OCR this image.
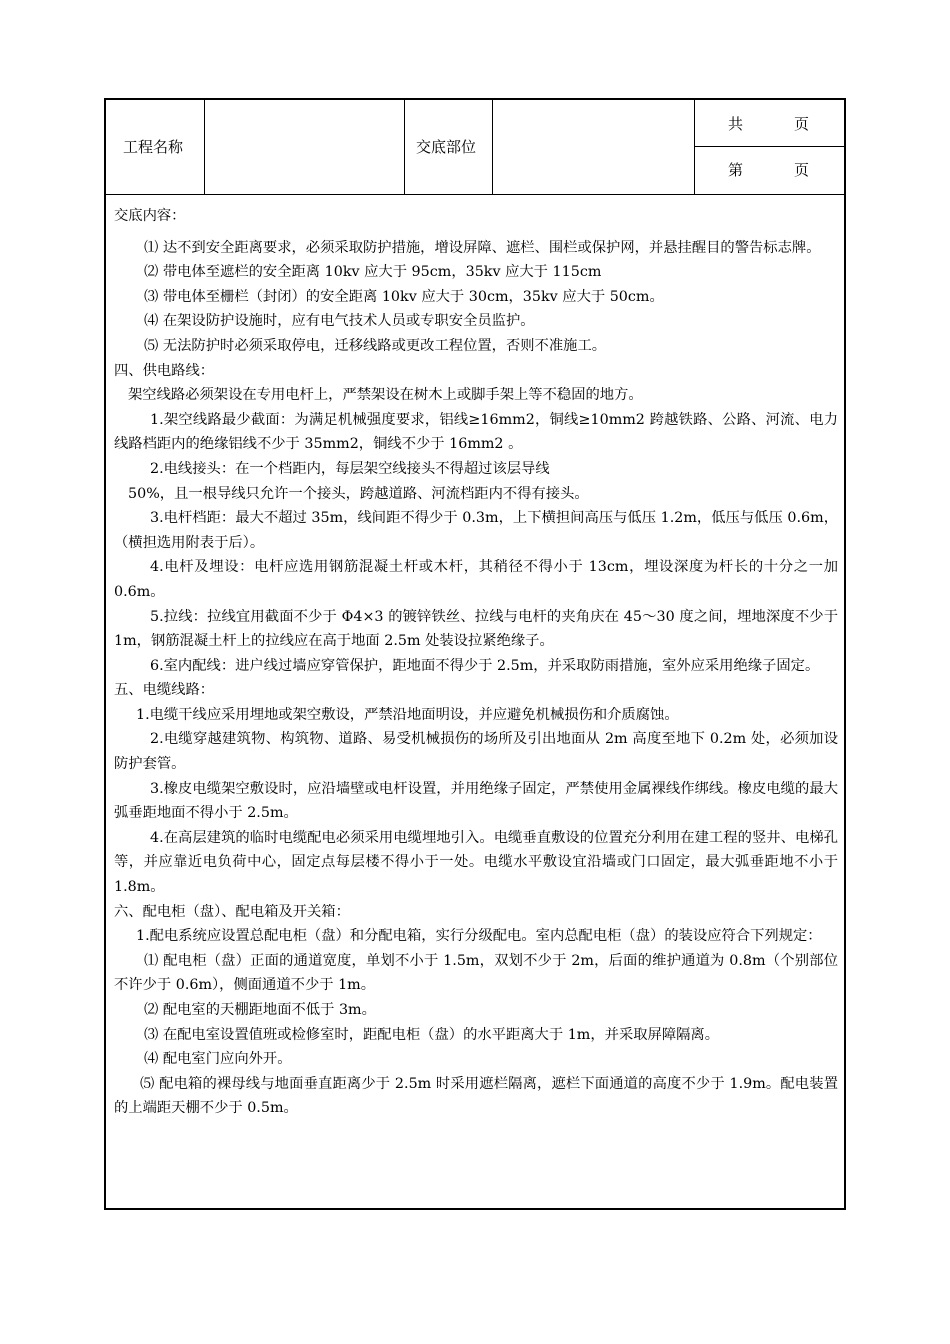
工程名称	交底部位
共	页
第	页

交底内容：

⑴ 达不到安全距离要求，必须采取防护措施，增设屏障、遮栏、围栏或保护网，并悬挂醒目的警告标志牌。

⑵ 带电体至遮栏的安全距离 10kv 应大于 95cm，35kv 应大于 115cm

⑶ 带电体至栅栏（封闭）的安全距离 10kv 应大于 30cm，35kv 应大于 50cm。

⑷ 在架设防护设施时，应有电气技术人员或专职安全员监护。

⑸ 无法防护时必须采取停电，迁移线路或更改工程位置，否则不准施工。

四、供电路线：

架空线路必须架设在专用电杆上，严禁架设在树木上或脚手架上等不稳固的地方。

1.架空线路最少截面：为满足机械强度要求，铝线≥16mm2，铜线≥10mm2 跨越铁路、公路、河流、电力线路档距内的绝缘铝线不少于 35mm2，铜线不少于 16mm2 。

2.电线接头：在一个档距内，每层架空线接头不得超过该层导线

50%，且一根导线只允许一个接头，跨越道路、河流档距内不得有接头。

3.电杆档距：最大不超过 35m，线间距不得少于 0.3m，上下横担间高压与低压 1.2m，低压与低压 0.6m，（横担选用附表于后）。

4.电杆及埋设：电杆应选用钢筋混凝土杆或木杆，其稍径不得小于 13cm，埋设深度为杆长的十分之一加 0.6m。

5.拉线：拉线宜用截面不少于 Φ4×3 的镀锌铁丝、拉线与电杆的夹角庆在 45～30 度之间，埋地深度不少于 1m，钢筋混凝土杆上的拉线应在高于地面 2.5m 处装设拉紧绝缘子。

6.室内配线：进户线过墙应穿管保护，距地面不得少于 2.5m，并采取防雨措施，室外应采用绝缘子固定。

五、电缆线路：

1.电缆干线应采用埋地或架空敷设，严禁沿地面明设，并应避免机械损伤和介质腐蚀。

2.电缆穿越建筑物、构筑物、道路、易受机械损伤的场所及引出地面从 2m 高度至地下 0.2m 处，必须加设防护套管。

3.橡皮电缆架空敷设时，应沿墙壁或电杆设置，并用绝缘子固定，严禁使用金属裸线作绑线。橡皮电缆的最大弧垂距地面不得小于 2.5m。

4.在高层建筑的临时电缆配电必须采用电缆埋地引入。电缆垂直敷设的位置充分利用在建工程的竖井、电梯孔等，并应靠近电负荷中心，固定点每层楼不得小于一处。电缆水平敷设宜沿墙或门口固定，最大弧垂距地不小于 1.8m。

六、配电柜（盘）、配电箱及开关箱：

1.配电系统应设置总配电柜（盘）和分配电箱，实行分级配电。室内总配电柜（盘）的装设应符合下列规定：

⑴ 配电柜（盘）正面的通道宽度，单划不小于 1.5m，双划不少于 2m，后面的维护通道为 0.8m（个别部位不许少于 0.6m），侧面通道不少于 1m。

⑵ 配电室的天棚距地面不低于 3m。

⑶ 在配电室设置值班或检修室时，距配电柜（盘）的水平距离大于 1m，并采取屏障隔离。

⑷ 配电室门应向外开。

⑸ 配电箱的裸母线与地面垂直距离少于 2.5m 时采用遮栏隔离，遮栏下面通道的高度不少于 1.9m。配电装置的上端距天棚不少于 0.5m。
